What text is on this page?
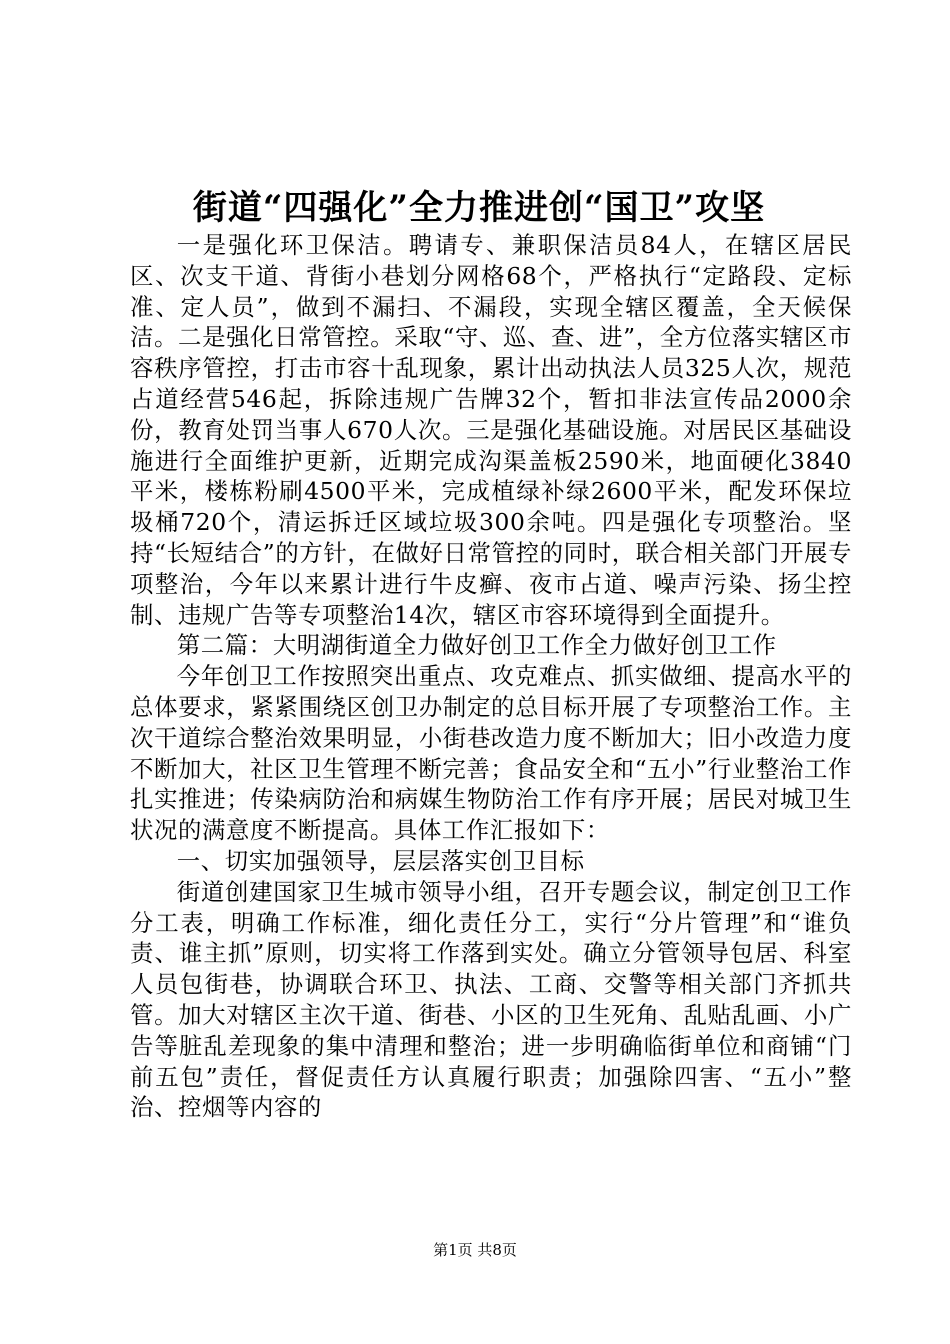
街道“四强化”全力推进创“国卫”攻坚

一是强化环卫保洁。聘请专、兼职保洁员84人，在辖区居民区、次支干道、背街小巷划分网格68个，严格执行“定路段、定标准、定人员”，做到不漏扫、不漏段，实现全辖区覆盖，全天候保洁。二是强化日常管控。采取“守、巡、查、进”，全方位落实辖区市容秩序管控，打击市容十乱现象，累计出动执法人员325人次，规范占道经营546起，拆除违规广告牌32个，暂扣非法宣传品2000余份，教育处罚当事人670人次。三是强化基础设施。对居民区基础设施进行全面维护更新，近期完成沟渠盖板2590米，地面硬化3840平米，楼栋粉刷4500平米，完成植绿补绿2600平米，配发环保垃圾桶720个，清运拆迁区域垃圾300余吨。四是强化专项整治。坚持“长短结合”的方针，在做好日常管控的同时，联合相关部门开展专项整治，今年以来累计进行牛皮癣、夜市占道、噪声污染、扬尘控制、违规广告等专项整治14次，辖区市容环境得到全面提升。

第二篇：大明湖街道全力做好创卫工作全力做好创卫工作

今年创卫工作按照突出重点、攻克难点、抓实做细、提高水平的总体要求，紧紧围绕区创卫办制定的总目标开展了专项整治工作。主次干道综合整治效果明显，小街巷改造力度不断加大；旧小改造力度不断加大，社区卫生管理不断完善；食品安全和“五小”行业整治工作扎实推进；传染病防治和病媒生物防治工作有序开展；居民对城卫生状况的满意度不断提高。具体工作汇报如下：

一、切实加强领导，层层落实创卫目标

街道创建国家卫生城市领导小组，召开专题会议，制定创卫工作分工表，明确工作标准，细化责任分工，实行“分片管理”和“谁负责、谁主抓”原则，切实将工作落到实处。确立分管领导包居、科室人员包街巷，协调联合环卫、执法、工商、交警等相关部门齐抓共管。加大对辖区主次干道、街巷、小区的卫生死角、乱贴乱画、小广告等脏乱差现象的集中清理和整治；进一步明确临街单位和商铺“门前五包”责任，督促责任方认真履行职责；加强除四害、“五小”整治、控烟等内容的

第1页 共8页
